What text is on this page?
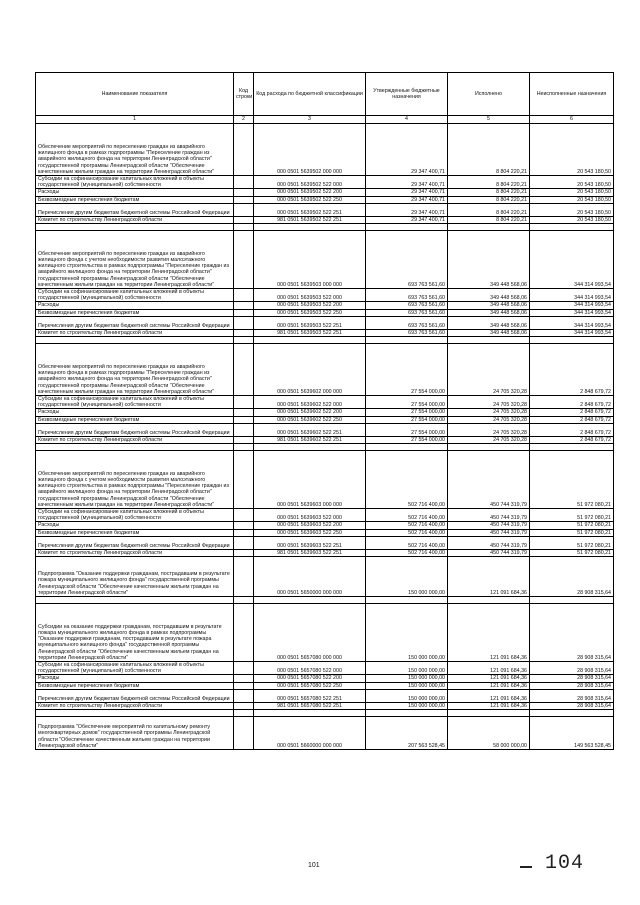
Наименование показателя	Код строки	Код расхода по бюджетной классификации	Утвержденные бюджетные назначения	Исполнено	Неисполненные назначения
1	2	3	4	5	6
Обеспечение мероприятий по переселению граждан из аварийного жилищного фонда в рамках подпрограммы "Переселение граждан из аварийного жилищного фонда на территории Ленинградской области" государственной программы Ленинградской области "Обеспечение качественным жильем граждан на территории Ленинградской области"		000 0501 5639502 000 000	29 347 400,71	8 804 220,21	20 543 180,50
Субсидии на софинансирование капитальных вложений в объекты государственной (муниципальной) собственности		000 0501 5639502 522 000	29 347 400,71	8 804 220,21	20 543 180,50
Расходы		000 0501 5639502 522 200	29 347 400,71	8 804 220,21	20 543 180,50
Безвозмездные перечисления бюджетам		000 0501 5639502 522 250	29 347 400,71	8 804 220,21	20 543 180,50
Перечисления другим бюджетам бюджетной системы Российской Федерации		000 0501 5639502 522 251	29 347 400,71	8 804 220,21	20 543 180,50
Комитет по строительству Ленинградской области		981 0501 5639502 522 251	29 347 400,71	8 804 220,21	20 543 180,50

Обеспечение мероприятий по переселению граждан из аварийного жилищного фонда с учетом необходимости развития малоэтажного жилищного строительства в рамках подпрограммы "Переселение граждан из аварийного жилищного фонда на территории Ленинградской области" государственной программы Ленинградской области "Обеспечение качественным жильем граждан на территории Ленинградской области"		000 0501 5639503 000 000	693 763 561,60	349 448 568,06	344 314 993,54
Субсидии на софинансирование капитальных вложений в объекты государственной (муниципальной) собственности		000 0501 5639503 522 000	693 763 561,60	349 448 568,06	344 314 993,54
Расходы		000 0501 5639503 522 200	693 763 561,60	349 448 568,06	344 314 993,54
Безвозмездные перечисления бюджетам		000 0501 5639503 522 250	693 763 561,60	349 448 568,06	344 314 993,54
Перечисления другим бюджетам бюджетной системы Российской Федерации		000 0501 5639503 522 251	693 763 561,60	349 448 568,06	344 314 993,54
Комитет по строительству Ленинградской области		981 0501 5639503 522 251	693 763 561,60	349 448 568,06	344 314 993,54

Обеспечение мероприятий по переселению граждан из аварийного жилищного фонда в рамках подпрограммы "Переселение граждан из аварийного жилищного фонда на территории Ленинградской области" государственной программы Ленинградской области "Обеспечение качественным жильем граждан на территории Ленинградской области"		000 0501 5639602 000 000	27 554 000,00	24 705 320,28	2 848 679,72
Субсидии на софинансирование капитальных вложений в объекты государственной (муниципальной) собственности		000 0501 5639602 522 000	27 554 000,00	24 705 320,28	2 848 679,72
Расходы		000 0501 5639602 522 200	27 554 000,00	24 705 320,28	2 848 679,72
Безвозмездные перечисления бюджетам		000 0501 5639602 522 250	27 554 000,00	24 705 320,28	2 848 679,72
Перечисления другим бюджетам бюджетной системы Российской Федерации		000 0501 5639602 522 251	27 554 000,00	24 705 320,28	2 848 679,72
Комитет по строительству Ленинградской области		981 0501 5639602 522 251	27 554 000,00	24 705 320,28	2 848 679,72

Обеспечение мероприятий по переселению граждан из аварийного жилищного фонда с учетом необходимости развития малоэтажного жилищного строительства в рамках подпрограммы "Переселение граждан из аварийного жилищного фонда на территории Ленинградской области" государственной программы Ленинградской области "Обеспечение качественным жильем граждан на территории Ленинградской области"		000 0501 5639603 000 000	502 716 400,00	450 744 319,79	51 972 080,21
Субсидии на софинансирование капитальных вложений в объекты государственной (муниципальной) собственности		000 0501 5639603 522 000	502 716 400,00	450 744 319,79	51 972 080,21
Расходы		000 0501 5639603 522 200	502 716 400,00	450 744 319,79	51 972 080,21
Безвозмездные перечисления бюджетам		000 0501 5639603 522 250	502 716 400,00	450 744 319,79	51 972 080,21
Перечисления другим бюджетам бюджетной системы Российской Федерации		000 0501 5639603 522 251	502 716 400,00	450 744 319,79	51 972 080,21
Комитет по строительству Ленинградской области		981 0501 5639603 522 251	502 716 400,00	450 744 319,79	51 972 080,21
Подпрограмма "Оказание поддержки гражданам, пострадавшим в результате пожара муниципального жилищного фонда" государственной программы Ленинградской области "Обеспечение качественным жильем граждан на территории Ленинградской области"		000 0501 5650000 000 000	150 000 000,00	121 091 684,36	28 908 315,64

Субсидии на оказание поддержки гражданам, пострадавшим в результате пожара муниципального жилищного фонда в рамках подпрограммы "Оказание поддержки гражданам, пострадавшим в результате пожара муниципального жилищного фонда" государственной программы Ленинградской области "Обеспечение качественным жильем граждан на территории Ленинградской области"		000 0501 5657080 000 000	150 000 000,00	121 091 684,36	28 908 315,64
Субсидии на софинансирование капитальных вложений в объекты государственной (муниципальной) собственности		000 0501 5657080 522 000	150 000 000,00	121 091 684,36	28 908 315,64
Расходы		000 0501 5657080 522 200	150 000 000,00	121 091 684,36	28 908 315,64
Безвозмездные перечисления бюджетам		000 0501 5657080 522 250	150 000 000,00	121 091 684,36	28 908 315,64
Перечисления другим бюджетам бюджетной системы Российской Федерации		000 0501 5657080 522 251	150 000 000,00	121 091 684,36	28 908 315,64
Комитет по строительству Ленинградской области		981 0501 5657080 522 251	150 000 000,00	121 091 684,36	28 908 315,64

Подпрограмма "Обеспечение мероприятий по капитальному ремонту многоквартирных домов" государственной программы Ленинградской области "Обеспечение качественным жильем граждан на территории Ленинградской области"		000 0501 5660000 000 000	207 563 528,45	58 000 000,00	149 563 528,45
101	104
